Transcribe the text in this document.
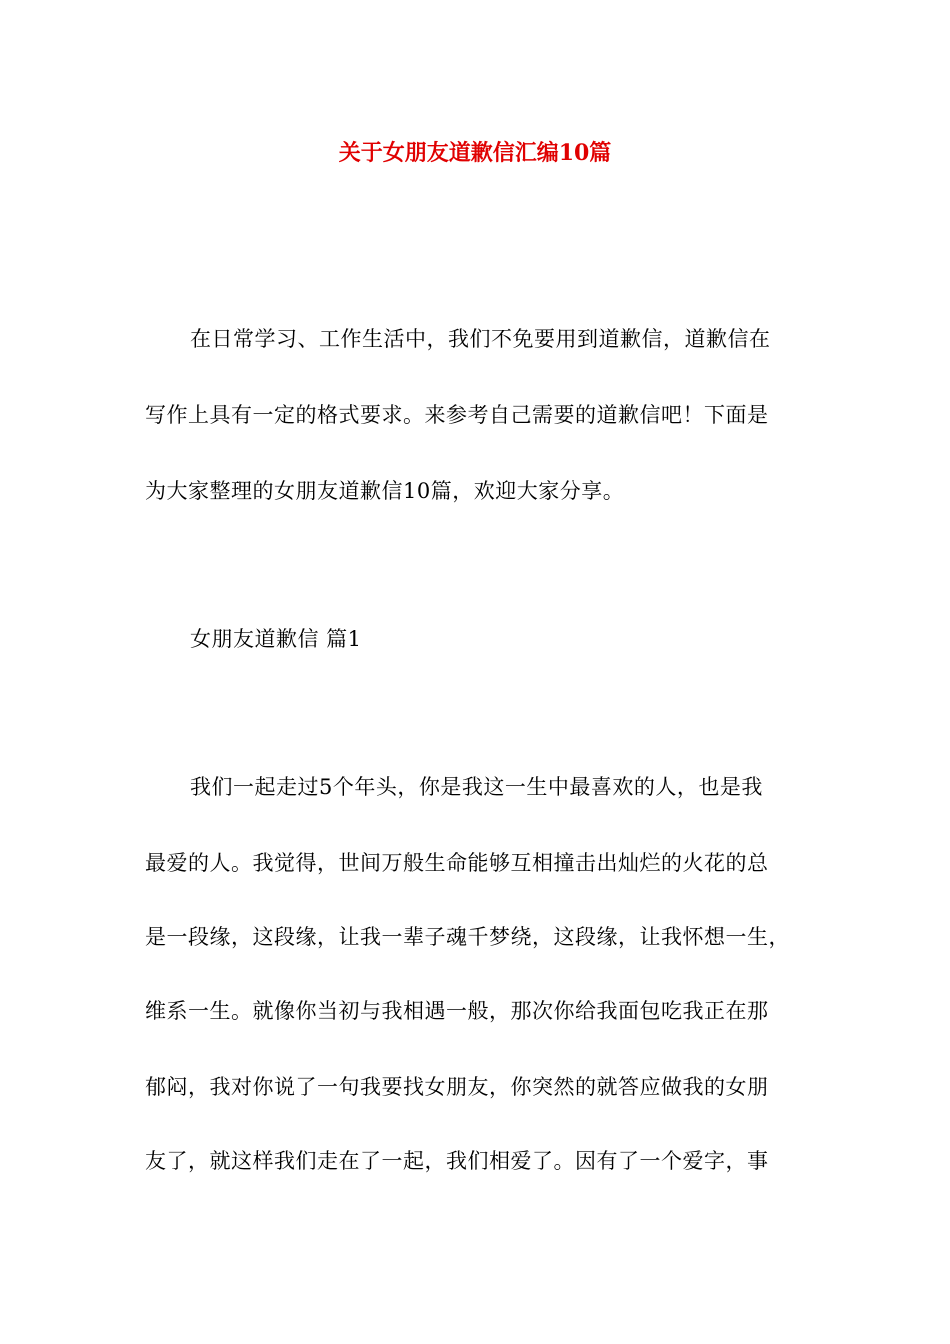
关于女朋友道歉信汇编10篇
在日常学习、工作生活中，我们不免要用到道歉信，道歉信在
写作上具有一定的格式要求。来参考自己需要的道歉信吧！下面是
为大家整理的女朋友道歉信10篇，欢迎大家分享。
女朋友道歉信 篇1
我们一起走过5个年头，你是我这一生中最喜欢的人，也是我
最爱的人。我觉得，世间万般生命能够互相撞击出灿烂的火花的总
是一段缘，这段缘，让我一辈子魂千梦绕，这段缘，让我怀想一生，
维系一生。就像你当初与我相遇一般，那次你给我面包吃我正在那
郁闷，我对你说了一句我要找女朋友，你突然的就答应做我的女朋
友了，就这样我们走在了一起，我们相爱了。因有了一个爱字，事
